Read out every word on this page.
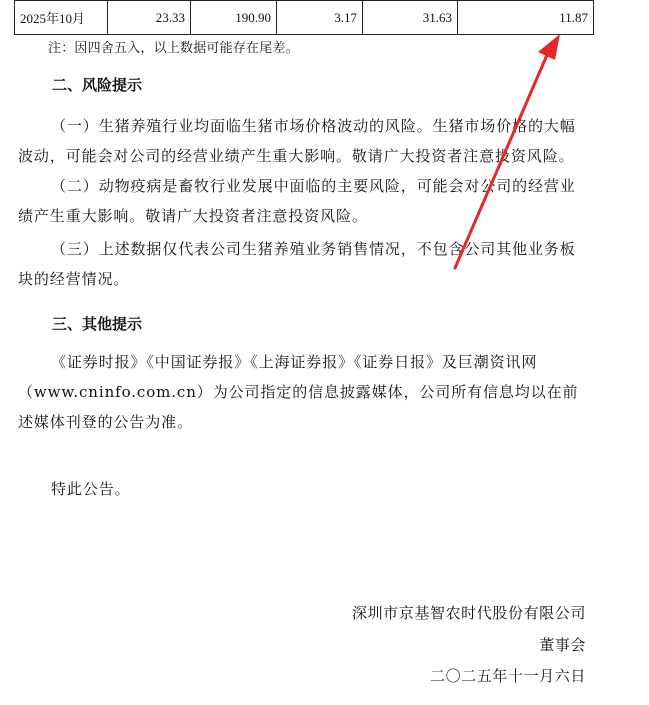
2025年10月	23.33	190.90	3.17	31.63	11.87
注：因四舍五入，以上数据可能存在尾差。
二、风险提示

（一）生猪养殖行业均面临生猪市场价格波动的风险。生猪市场价格的大幅波动，可能会对公司的经营业绩产生重大影响。敬请广大投资者注意投资风险。

（二）动物疫病是畜牧行业发展中面临的主要风险，可能会对公司的经营业绩产生重大影响。敬请广大投资者注意投资风险。

（三）上述数据仅代表公司生猪养殖业务销售情况，不包含公司其他业务板块的经营情况。

三、其他提示

《证券时报》《中国证券报》《上海证券报》《证券日报》及巨潮资讯网（www.cninfo.com.cn）为公司指定的信息披露媒体，公司所有信息均以在前述媒体刊登的公告为准。

特此公告。

深圳市京基智农时代股份有限公司
董事会
二〇二五年十一月六日
